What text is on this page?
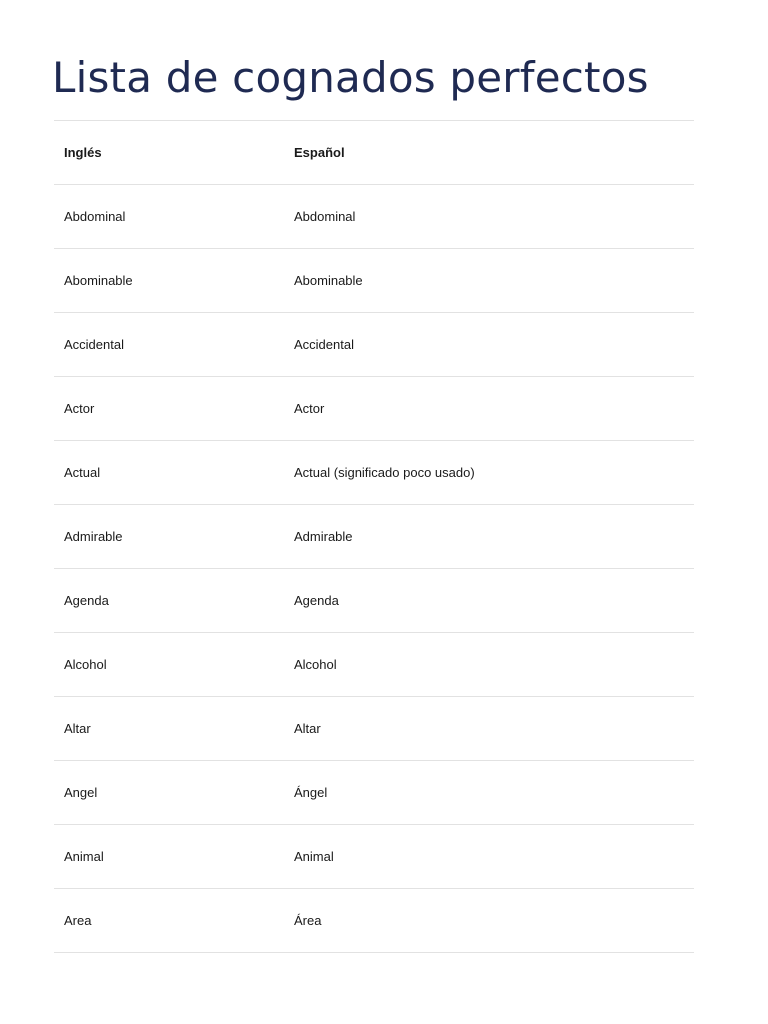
Lista de cognados perfectos
Inglés	Español
Abdominal	Abdominal
Abominable	Abominable
Accidental	Accidental
Actor	Actor
Actual	Actual (significado poco usado)
Admirable	Admirable
Agenda	Agenda
Alcohol	Alcohol
Altar	Altar
Angel	Ángel
Animal	Animal
Area	Área
